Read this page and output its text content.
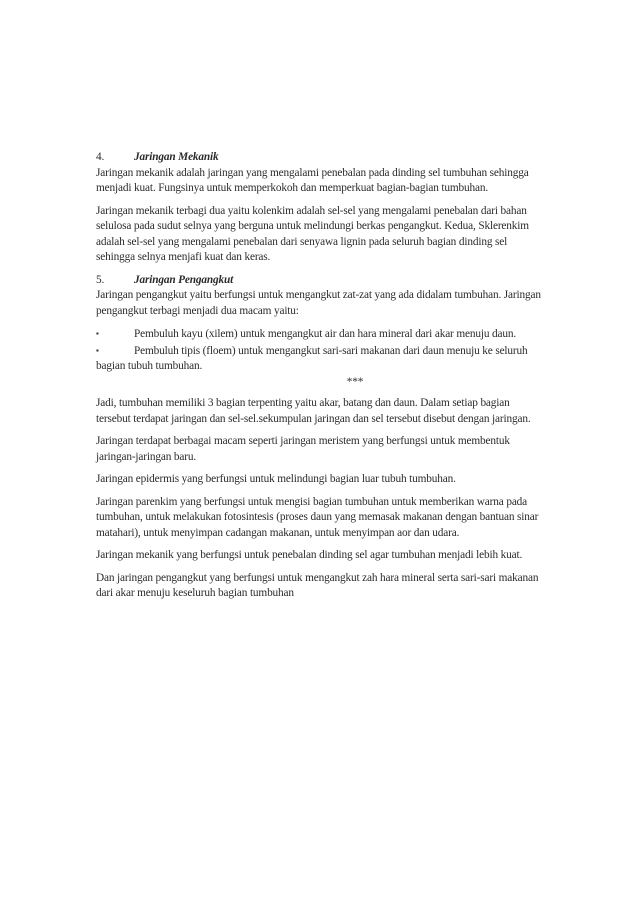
4.	Jaringan Mekanik

Jaringan mekanik adalah jaringan yang mengalami penebalan pada dinding sel tumbuhan sehingga menjadi kuat. Fungsinya untuk memperkokoh dan memperkuat bagian-bagian tumbuhan.

Jaringan mekanik terbagi dua yaitu kolenkim adalah sel-sel yang mengalami penebalan dari bahan selulosa pada sudut selnya yang berguna untuk melindungi berkas pengangkut. Kedua, Sklerenkim adalah sel-sel yang mengalami penebalan dari senyawa lignin pada seluruh bagian dinding sel sehingga selnya menjafi kuat dan keras.

5.	Jaringan Pengangkut

Jaringan pengangkut yaitu berfungsi untuk mengangkut zat-zat yang ada didalam tumbuhan. Jaringan pengangkut terbagi menjadi dua macam yaitu:

▪	Pembuluh kayu (xilem) untuk mengangkut air dan hara mineral dari akar menuju daun.
▪	Pembuluh tipis (floem) untuk mengangkut sari-sari makanan dari daun menuju ke seluruh bagian tubuh tumbuhan.
***

Jadi, tumbuhan memiliki 3 bagian terpenting yaitu akar, batang dan daun. Dalam setiap bagian tersebut terdapat jaringan dan sel-sel.sekumpulan jaringan dan sel tersebut disebut dengan jaringan.

Jaringan terdapat berbagai macam seperti jaringan meristem yang berfungsi untuk membentuk jaringan-jaringan baru.

Jaringan epidermis yang berfungsi untuk melindungi bagian luar tubuh tumbuhan.

Jaringan parenkim yang berfungsi untuk mengisi bagian tumbuhan untuk memberikan warna pada tumbuhan, untuk melakukan fotosintesis (proses daun yang memasak makanan dengan bantuan sinar matahari), untuk menyimpan cadangan makanan, untuk menyimpan aor dan udara.

Jaringan mekanik yang berfungsi untuk penebalan dinding sel agar tumbuhan menjadi lebih kuat.

Dan jaringan pengangkut yang berfungsi untuk mengangkut zah hara mineral serta sari-sari makanan dari akar menuju keseluruh bagian tumbuhan
